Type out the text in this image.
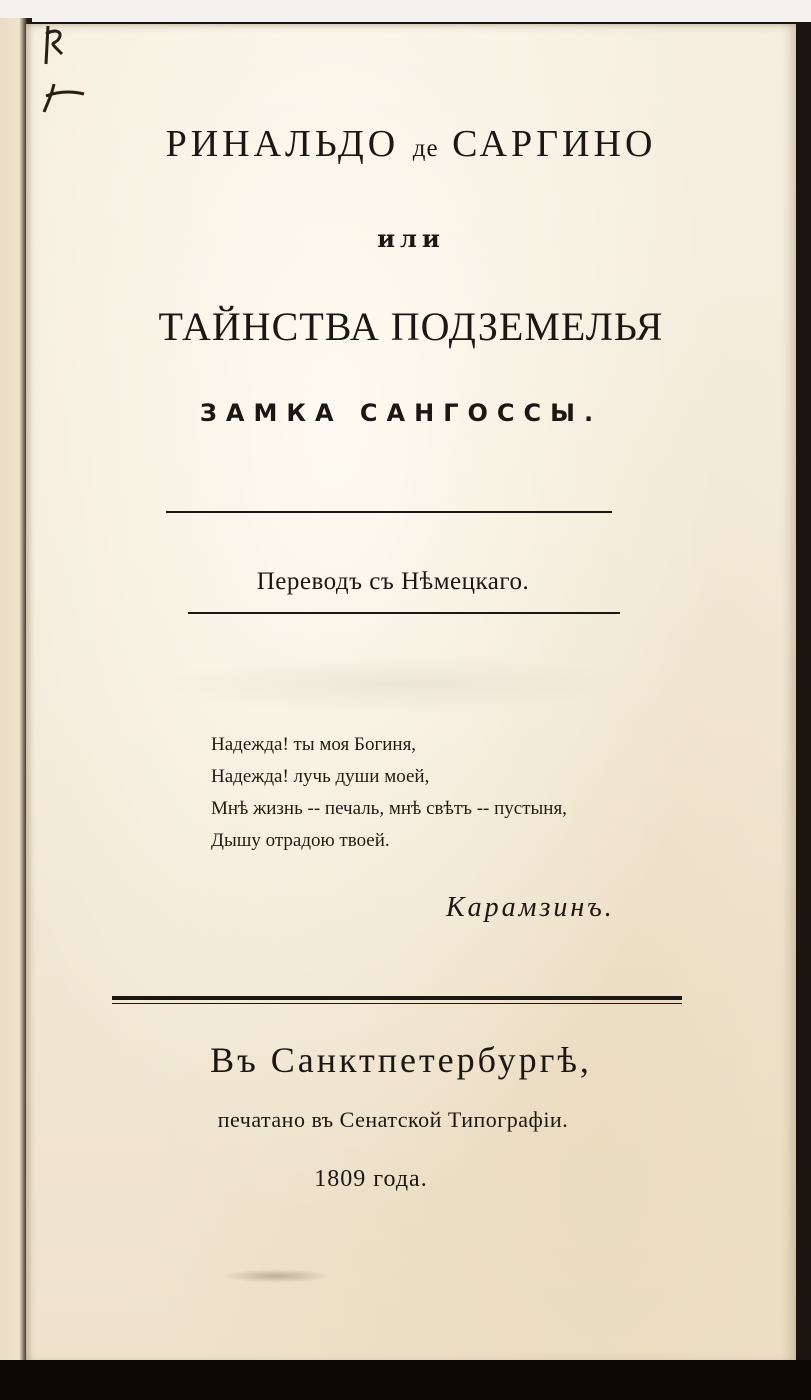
РИНАЛЬДО де САРГИНО
или
ТАЙНСТВА ПОДЗЕМЕЛЬЯ
ЗАМКА САНГОССЫ.
Переводъ съ Нѣмецкаго.
Надежда! ты моя Богиня,
Надежда! лучь души моей,
Мнѣ жизнь -- печаль, мнѣ свѣтъ -- пустыня,
Дышу отрадою твоей.
Карамзинъ.
Въ Санктпетербургѣ,
печатано въ Сенатской Типографіи.
1809 года.
